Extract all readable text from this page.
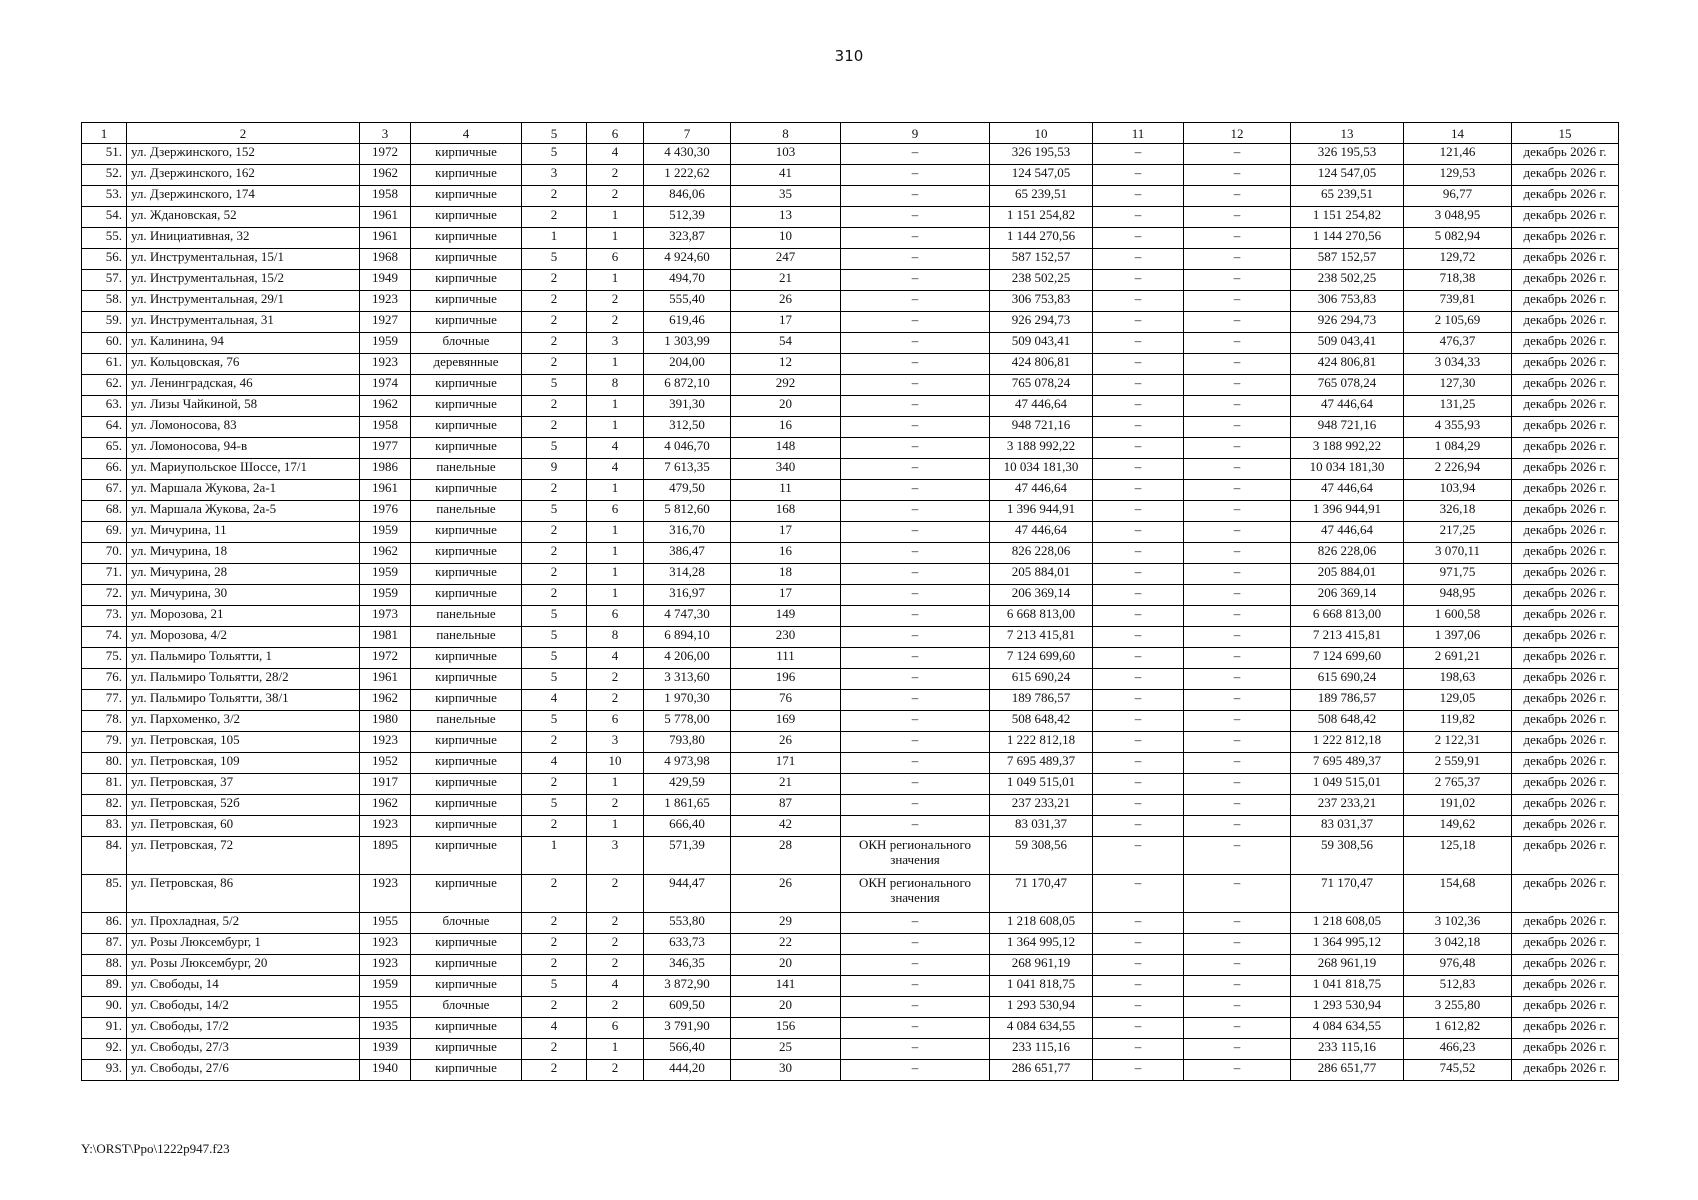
310
1	2	3	4	5	6	7	8	9	10	11	12	13	14	15
51.	ул. Дзержинского, 152	1972	кирпичные	5	4	4 430,30	103	–	326 195,53	–	–	326 195,53	121,46	декабрь 2026 г.
52.	ул. Дзержинского, 162	1962	кирпичные	3	2	1 222,62	41	–	124 547,05	–	–	124 547,05	129,53	декабрь 2026 г.
53.	ул. Дзержинского, 174	1958	кирпичные	2	2	846,06	35	–	65 239,51	–	–	65 239,51	96,77	декабрь 2026 г.
54.	ул. Ждановская, 52	1961	кирпичные	2	1	512,39	13	–	1 151 254,82	–	–	1 151 254,82	3 048,95	декабрь 2026 г.
55.	ул. Инициативная, 32	1961	кирпичные	1	1	323,87	10	–	1 144 270,56	–	–	1 144 270,56	5 082,94	декабрь 2026 г.
56.	ул. Инструментальная, 15/1	1968	кирпичные	5	6	4 924,60	247	–	587 152,57	–	–	587 152,57	129,72	декабрь 2026 г.
57.	ул. Инструментальная, 15/2	1949	кирпичные	2	1	494,70	21	–	238 502,25	–	–	238 502,25	718,38	декабрь 2026 г.
58.	ул. Инструментальная, 29/1	1923	кирпичные	2	2	555,40	26	–	306 753,83	–	–	306 753,83	739,81	декабрь 2026 г.
59.	ул. Инструментальная, 31	1927	кирпичные	2	2	619,46	17	–	926 294,73	–	–	926 294,73	2 105,69	декабрь 2026 г.
60.	ул. Калинина, 94	1959	блочные	2	3	1 303,99	54	–	509 043,41	–	–	509 043,41	476,37	декабрь 2026 г.
61.	ул. Кольцовская, 76	1923	деревянные	2	1	204,00	12	–	424 806,81	–	–	424 806,81	3 034,33	декабрь 2026 г.
62.	ул. Ленинградская, 46	1974	кирпичные	5	8	6 872,10	292	–	765 078,24	–	–	765 078,24	127,30	декабрь 2026 г.
63.	ул. Лизы Чайкиной, 58	1962	кирпичные	2	1	391,30	20	–	47 446,64	–	–	47 446,64	131,25	декабрь 2026 г.
64.	ул. Ломоносова, 83	1958	кирпичные	2	1	312,50	16	–	948 721,16	–	–	948 721,16	4 355,93	декабрь 2026 г.
65.	ул. Ломоносова, 94-в	1977	кирпичные	5	4	4 046,70	148	–	3 188 992,22	–	–	3 188 992,22	1 084,29	декабрь 2026 г.
66.	ул. Мариупольское Шоссе, 17/1	1986	панельные	9	4	7 613,35	340	–	10 034 181,30	–	–	10 034 181,30	2 226,94	декабрь 2026 г.
67.	ул. Маршала Жукова, 2а-1	1961	кирпичные	2	1	479,50	11	–	47 446,64	–	–	47 446,64	103,94	декабрь 2026 г.
68.	ул. Маршала Жукова, 2а-5	1976	панельные	5	6	5 812,60	168	–	1 396 944,91	–	–	1 396 944,91	326,18	декабрь 2026 г.
69.	ул. Мичурина, 11	1959	кирпичные	2	1	316,70	17	–	47 446,64	–	–	47 446,64	217,25	декабрь 2026 г.
70.	ул. Мичурина, 18	1962	кирпичные	2	1	386,47	16	–	826 228,06	–	–	826 228,06	3 070,11	декабрь 2026 г.
71.	ул. Мичурина, 28	1959	кирпичные	2	1	314,28	18	–	205 884,01	–	–	205 884,01	971,75	декабрь 2026 г.
72.	ул. Мичурина, 30	1959	кирпичные	2	1	316,97	17	–	206 369,14	–	–	206 369,14	948,95	декабрь 2026 г.
73.	ул. Морозова, 21	1973	панельные	5	6	4 747,30	149	–	6 668 813,00	–	–	6 668 813,00	1 600,58	декабрь 2026 г.
74.	ул. Морозова, 4/2	1981	панельные	5	8	6 894,10	230	–	7 213 415,81	–	–	7 213 415,81	1 397,06	декабрь 2026 г.
75.	ул. Пальмиро Тольятти, 1	1972	кирпичные	5	4	4 206,00	111	–	7 124 699,60	–	–	7 124 699,60	2 691,21	декабрь 2026 г.
76.	ул. Пальмиро Тольятти, 28/2	1961	кирпичные	5	2	3 313,60	196	–	615 690,24	–	–	615 690,24	198,63	декабрь 2026 г.
77.	ул. Пальмиро Тольятти, 38/1	1962	кирпичные	4	2	1 970,30	76	–	189 786,57	–	–	189 786,57	129,05	декабрь 2026 г.
78.	ул. Пархоменко, 3/2	1980	панельные	5	6	5 778,00	169	–	508 648,42	–	–	508 648,42	119,82	декабрь 2026 г.
79.	ул. Петровская, 105	1923	кирпичные	2	3	793,80	26	–	1 222 812,18	–	–	1 222 812,18	2 122,31	декабрь 2026 г.
80.	ул. Петровская, 109	1952	кирпичные	4	10	4 973,98	171	–	7 695 489,37	–	–	7 695 489,37	2 559,91	декабрь 2026 г.
81.	ул. Петровская, 37	1917	кирпичные	2	1	429,59	21	–	1 049 515,01	–	–	1 049 515,01	2 765,37	декабрь 2026 г.
82.	ул. Петровская, 52б	1962	кирпичные	5	2	1 861,65	87	–	237 233,21	–	–	237 233,21	191,02	декабрь 2026 г.
83.	ул. Петровская, 60	1923	кирпичные	2	1	666,40	42	–	83 031,37	–	–	83 031,37	149,62	декабрь 2026 г.
84.	ул. Петровская, 72	1895	кирпичные	1	3	571,39	28	ОКН регионального значения	59 308,56	–	–	59 308,56	125,18	декабрь 2026 г.
85.	ул. Петровская, 86	1923	кирпичные	2	2	944,47	26	ОКН регионального значения	71 170,47	–	–	71 170,47	154,68	декабрь 2026 г.
86.	ул. Прохладная, 5/2	1955	блочные	2	2	553,80	29	–	1 218 608,05	–	–	1 218 608,05	3 102,36	декабрь 2026 г.
87.	ул. Розы Люксембург, 1	1923	кирпичные	2	2	633,73	22	–	1 364 995,12	–	–	1 364 995,12	3 042,18	декабрь 2026 г.
88.	ул. Розы Люксембург, 20	1923	кирпичные	2	2	346,35	20	–	268 961,19	–	–	268 961,19	976,48	декабрь 2026 г.
89.	ул. Свободы, 14	1959	кирпичные	5	4	3 872,90	141	–	1 041 818,75	–	–	1 041 818,75	512,83	декабрь 2026 г.
90.	ул. Свободы, 14/2	1955	блочные	2	2	609,50	20	–	1 293 530,94	–	–	1 293 530,94	3 255,80	декабрь 2026 г.
91.	ул. Свободы, 17/2	1935	кирпичные	4	6	3 791,90	156	–	4 084 634,55	–	–	4 084 634,55	1 612,82	декабрь 2026 г.
92.	ул. Свободы, 27/3	1939	кирпичные	2	1	566,40	25	–	233 115,16	–	–	233 115,16	466,23	декабрь 2026 г.
93.	ул. Свободы, 27/6	1940	кирпичные	2	2	444,20	30	–	286 651,77	–	–	286 651,77	745,52	декабрь 2026 г.
Y:\ORST\Ppo\1222p947.f23
